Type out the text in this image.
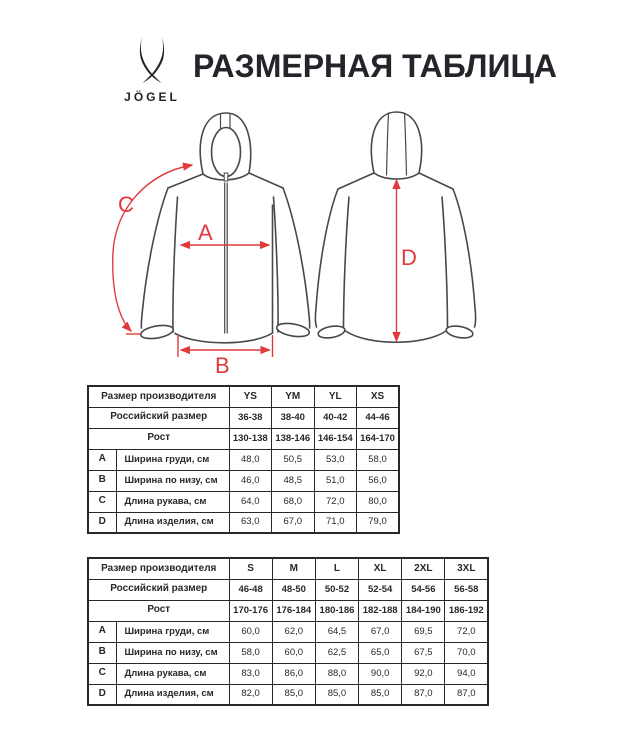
JÖGEL
РАЗМЕРНАЯ ТАБЛИЦА
A
B
C
D
Размер производителя		YS	YM	YL	XS
Российский размер		36-38	38-40	40-42	44-46
Рост		130-138	138-146	146-154	164-170
A	Ширина груди, см	48,0	50,5	53,0	58,0
B	Ширина по низу, см	46,0	48,5	51,0	56,0
C	Длина рукава, см	64,0	68,0	72,0	80,0
D	Длина изделия, см	63,0	67,0	71,0	79,0
Размер производителя		S	M	L	XL	2XL	3XL
Российский размер		46-48	48-50	50-52	52-54	54-56	56-58
Рост		170-176	176-184	180-186	182-188	184-190	186-192
A	Ширина груди, см	60,0	62,0	64,5	67,0	69,5	72,0
B	Ширина по низу, см	58,0	60,0	62,5	65,0	67,5	70,0
C	Длина рукава, см	83,0	86,0	88,0	90,0	92,0	94,0
D	Длина изделия, см	82,0	85,0	85,0	85,0	87,0	87,0
